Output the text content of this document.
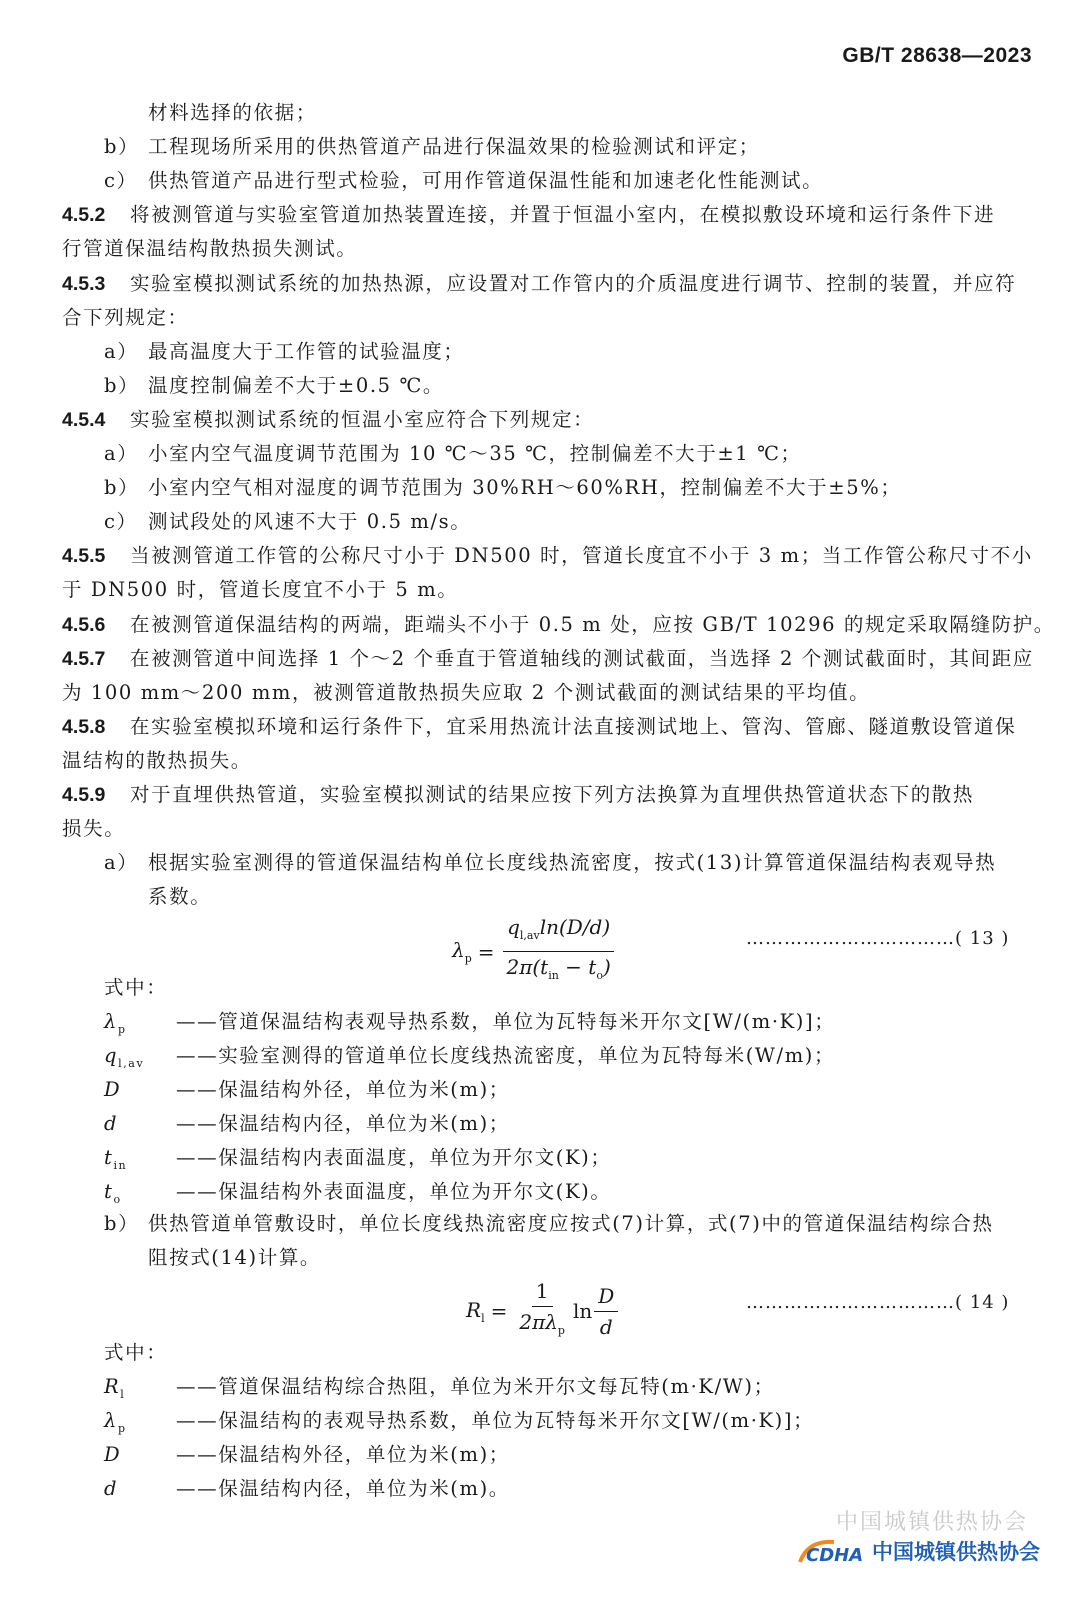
GB/T 28638—2023
材料选择的依据；
b） 工程现场所采用的供热管道产品进行保温效果的检验测试和评定；
c） 供热管道产品进行型式检验，可用作管道保温性能和加速老化性能测试。
4.5.2 将被测管道与实验室管道加热装置连接，并置于恒温小室内，在模拟敷设环境和运行条件下进
行管道保温结构散热损失测试。
4.5.3 实验室模拟测试系统的加热热源，应设置对工作管内的介质温度进行调节、控制的装置，并应符
合下列规定：
a） 最高温度大于工作管的试验温度；
b） 温度控制偏差不大于±0.5 ℃。
4.5.4 实验室模拟测试系统的恒温小室应符合下列规定：
a） 小室内空气温度调节范围为 10 ℃～35 ℃，控制偏差不大于±1 ℃；
b） 小室内空气相对湿度的调节范围为 30%RH～60%RH，控制偏差不大于±5%；
c） 测试段处的风速不大于 0.5 m/s。
4.5.5 当被测管道工作管的公称尺寸小于 DN500 时，管道长度宜不小于 3 m；当工作管公称尺寸不小
于 DN500 时，管道长度宜不小于 5 m。
4.5.6 在被测管道保温结构的两端，距端头不小于 0.5 m 处，应按 GB/T 10296 的规定采取隔缝防护。
4.5.7 在被测管道中间选择 1 个～2 个垂直于管道轴线的测试截面，当选择 2 个测试截面时，其间距应
为 100 mm～200 mm，被测管道散热损失应取 2 个测试截面的测试结果的平均值。
4.5.8 在实验室模拟环境和运行条件下，宜采用热流计法直接测试地上、管沟、管廊、隧道敷设管道保
温结构的散热损失。
4.5.9 对于直埋供热管道，实验室模拟测试的结果应按下列方法换算为直埋供热管道状态下的散热
损失。
a） 根据实验室测得的管道保温结构单位长度线热流密度，按式(13)计算管道保温结构表观导热
系数。
$\lambda_p = \frac{q_{l,av}\ln(D/d)}{2\pi(t_{in} - t_o)}$	……………………………( 13 )
式中：
$\lambda_p$	——管道保温结构表观导热系数，单位为瓦特每米开尔文[W/(m·K)]；
$q_{l,av}$ ——实验室测得的管道单位长度线热流密度，单位为瓦特每米(W/m)；
D	——保温结构外径，单位为米(m)；
d	——保温结构内径，单位为米(m)；
$t_{in}$	——保温结构内表面温度，单位为开尔文(K)；
$t_o$	——保温结构外表面温度，单位为开尔文(K)。
b） 供热管道单管敷设时，单位长度线热流密度应按式(7)计算，式(7)中的管道保温结构综合热
阻按式(14)计算。
$R_l = \frac{1}{2\pi\lambda_p}$ $\ln \frac{D}{d}$	……………………………( 14 )
式中：
$R_l$	——管道保温结构综合热阻，单位为米开尔文每瓦特(m·K/W)；
$\lambda_p$	——保温结构的表观导热系数，单位为瓦特每米开尔文[W/(m·K)]；
D	——保温结构外径，单位为米(m)；
d	——保温结构内径，单位为米(m)。
中国城镇供热协会
CDHA 中国城镇供热协会
